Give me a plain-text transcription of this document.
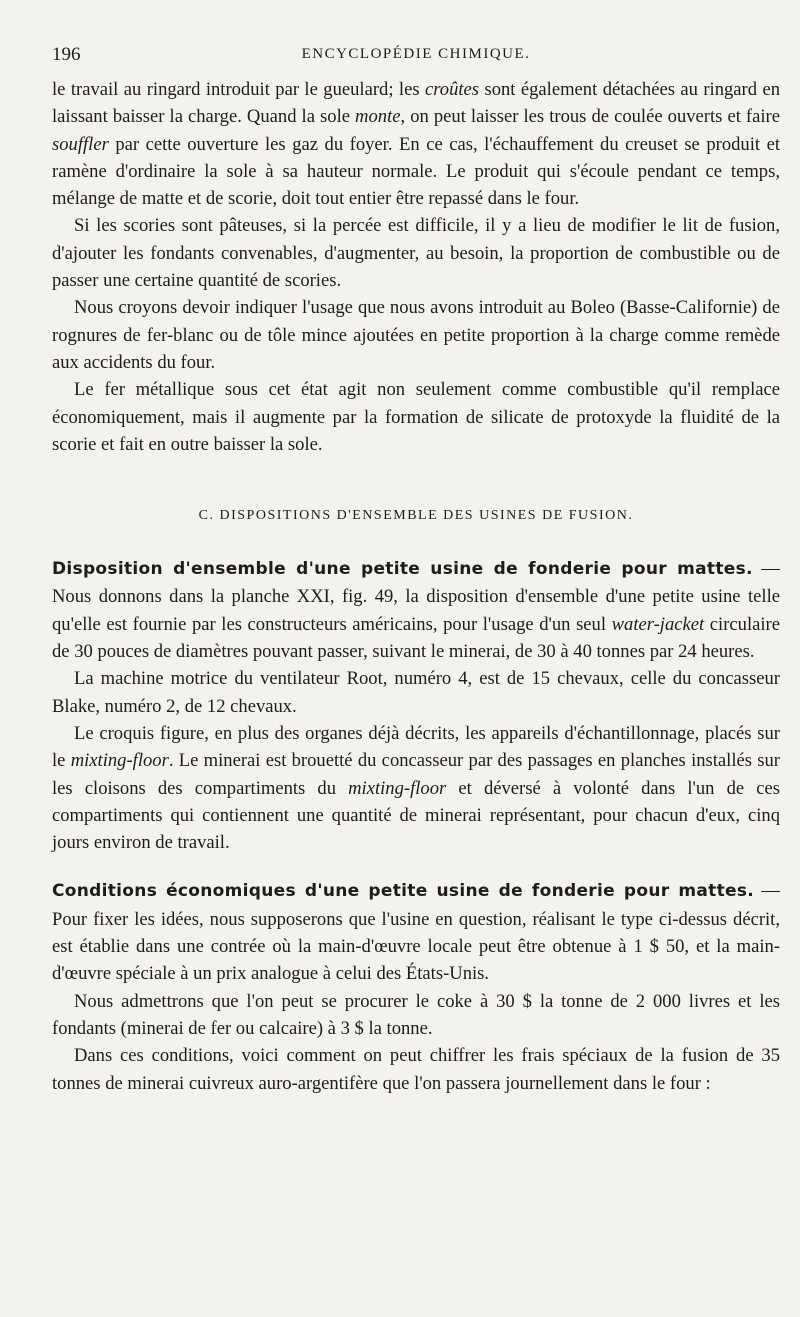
196	ENCYCLOPÉDIE CHIMIQUE.

le travail au ringard introduit par le gueulard; les croûtes sont également détachées au ringard en laissant baisser la charge. Quand la sole monte, on peut laisser les trous de coulée ouverts et faire souffler par cette ouverture les gaz du foyer. En ce cas, l'échauffement du creuset se produit et ramène d'ordinaire la sole à sa hauteur normale. Le produit qui s'écoule pendant ce temps, mélange de matte et de scorie, doit tout entier être repassé dans le four.

Si les scories sont pâteuses, si la percée est difficile, il y a lieu de modifier le lit de fusion, d'ajouter les fondants convenables, d'augmenter, au besoin, la proportion de combustible ou de passer une certaine quantité de scories.

Nous croyons devoir indiquer l'usage que nous avons introduit au Boleo (Basse-Californie) de rognures de fer-blanc ou de tôle mince ajoutées en petite proportion à la charge comme remède aux accidents du four.

Le fer métallique sous cet état agit non seulement comme combustible qu'il remplace économiquement, mais il augmente par la formation de silicate de protoxyde la fluidité de la scorie et fait en outre baisser la sole.

C. DISPOSITIONS D'ENSEMBLE DES USINES DE FUSION.

Disposition d'ensemble d'une petite usine de fonderie pour mattes. — Nous donnons dans la planche XXI, fig. 49, la disposition d'ensemble d'une petite usine telle qu'elle est fournie par les constructeurs américains, pour l'usage d'un seul water-jacket circulaire de 30 pouces de diamètres pouvant passer, suivant le minerai, de 30 à 40 tonnes par 24 heures.

La machine motrice du ventilateur Root, numéro 4, est de 15 chevaux, celle du concasseur Blake, numéro 2, de 12 chevaux.

Le croquis figure, en plus des organes déjà décrits, les appareils d'échantillonnage, placés sur le mixting-floor. Le minerai est brouetté du concasseur par des passages en planches installés sur les cloisons des compartiments du mixting-floor et déversé à volonté dans l'un de ces compartiments qui contiennent une quantité de minerai représentant, pour chacun d'eux, cinq jours environ de travail.

Conditions économiques d'une petite usine de fonderie pour mattes. — Pour fixer les idées, nous supposerons que l'usine en question, réalisant le type ci-dessus décrit, est établie dans une contrée où la main-d'œuvre locale peut être obtenue à 1 $ 50, et la main-d'œuvre spéciale à un prix analogue à celui des États-Unis.

Nous admettrons que l'on peut se procurer le coke à 30 $ la tonne de 2 000 livres et les fondants (minerai de fer ou calcaire) à 3 $ la tonne.

Dans ces conditions, voici comment on peut chiffrer les frais spéciaux de la fusion de 35 tonnes de minerai cuivreux auro-argentifère que l'on passera journellement dans le four :
